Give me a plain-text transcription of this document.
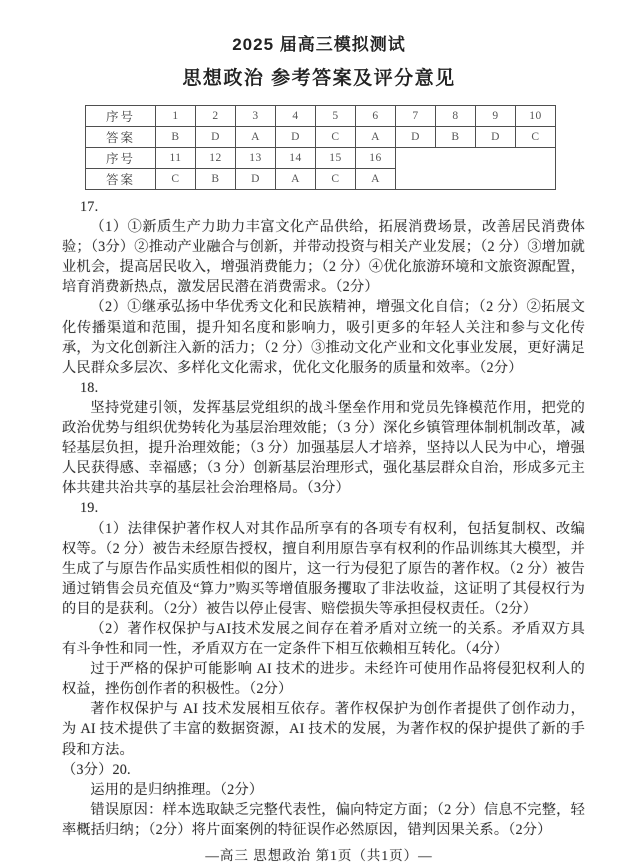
2025 届高三模拟测试
思想政治 参考答案及评分意见
序号	1	2	3	4	5	6	7	8	9	10
答案	B	D	A	D	C	A	D	B	D	C
序号	11	12	13	14	15	16				
答案	C	B	D	A	C	A				

17.

（1）①新质生产力助力丰富文化产品供给，拓展消费场景，改善居民消费体验；（3分）②推动产业融合与创新，并带动投资与相关产业发展；（2 分）③增加就业机会，提高居民收入，增强消费能力；（2 分）④优化旅游环境和文旅资源配置，培育消费新热点，激发居民潜在消费需求。（2分）

（2）①继承弘扬中华优秀文化和民族精神，增强文化自信；（2 分）②拓展文化传播渠道和范围，提升知名度和影响力，吸引更多的年轻人关注和参与文化传承，为文化创新注入新的活力；（2 分）③推动文化产业和文化事业发展，更好满足人民群众多层次、多样化文化需求，优化文化服务的质量和效率。（2分）

18.

坚持党建引领，发挥基层党组织的战斗堡垒作用和党员先锋模范作用，把党的政治优势与组织优势转化为基层治理效能；（3 分）深化乡镇管理体制机制改革，减轻基层负担，提升治理效能；（3 分）加强基层人才培养，坚持以人民为中心，增强人民获得感、幸福感；（3 分）创新基层治理形式，强化基层群众自治，形成多元主体共建共治共享的基层社会治理格局。（3分）

19.

（1）法律保护著作权人对其作品所享有的各项专有权利，包括复制权、改编权等。（2 分）被告未经原告授权，擅自利用原告享有权利的作品训练其大模型，并生成了与原告作品实质性相似的图片，这一行为侵犯了原告的著作权。（2 分）被告通过销售会员充值及“算力”购买等增值服务攫取了非法收益，这证明了其侵权行为的目的是获利。（2分）被告以停止侵害、赔偿损失等承担侵权责任。（2分）

（2）著作权保护与AI技术发展之间存在着矛盾对立统一的关系。矛盾双方具有斗争性和同一性，矛盾双方在一定条件下相互依赖相互转化。（4分）

过于严格的保护可能影响 AI 技术的进步。未经许可使用作品将侵犯权利人的权益，挫伤创作者的积极性。（2分）

著作权保护与 AI 技术发展相互依存。著作权保护为创作者提供了创作动力，为 AI 技术提供了丰富的数据资源，AI 技术的发展，为著作权的保护提供了新的手段和方法。

（3分）20.

运用的是归纳推理。（2分）

错误原因：样本选取缺乏完整代表性，偏向特定方面；（2 分）信息不完整，轻率概括归纳；（2分）将片面案例的特征误作必然原因，错判因果关系。（2分）

—高三 思想政治 第1页（共1页）—
